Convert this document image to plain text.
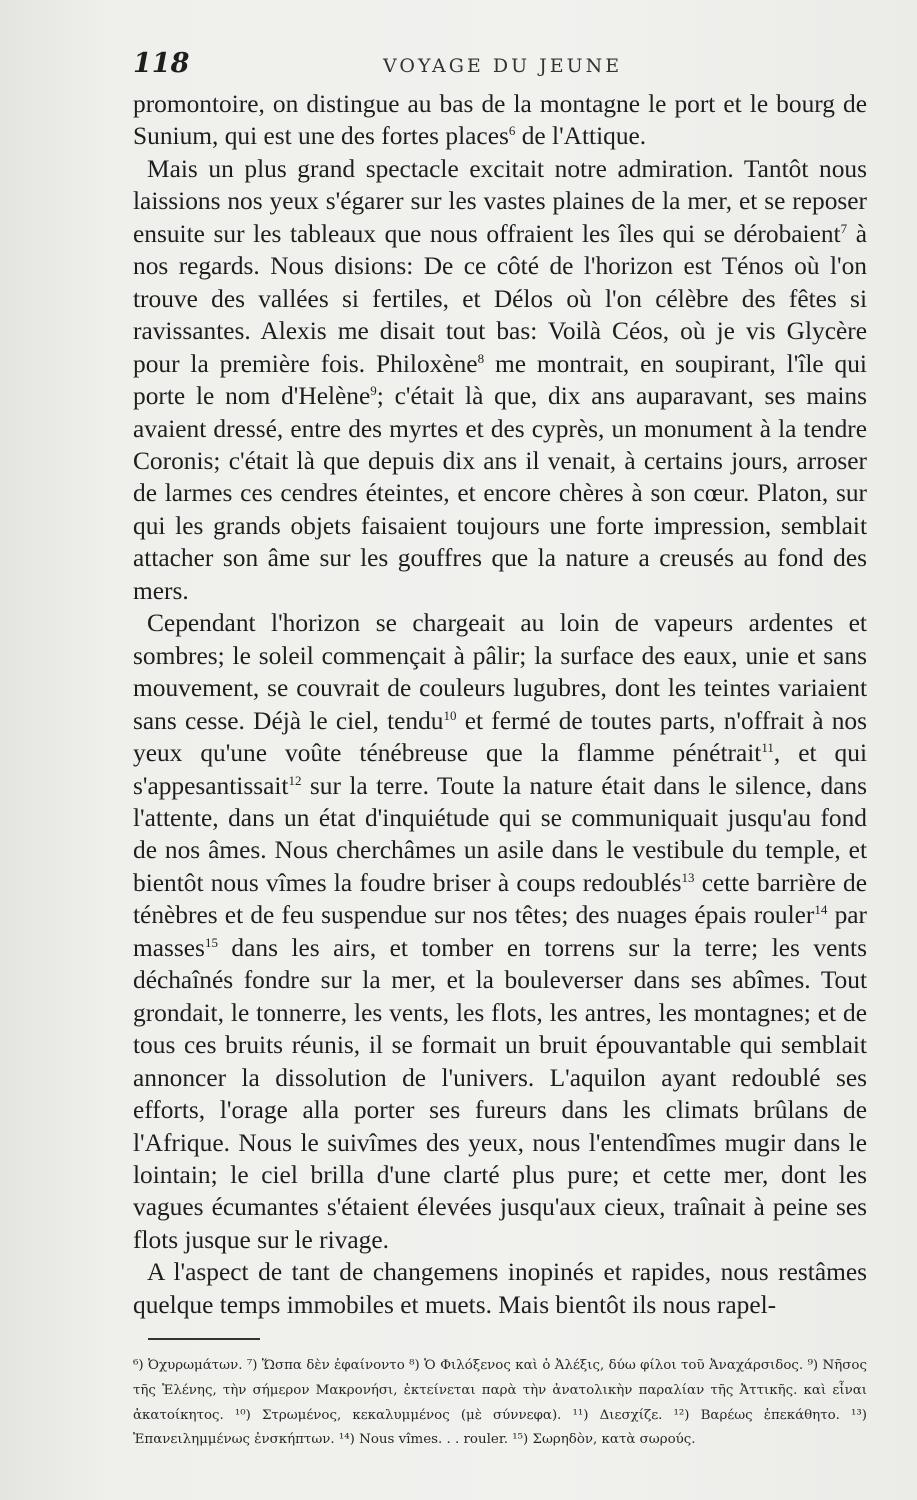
118	VOYAGE DU JEUNE

promontoire, on distingue au bas de la montagne le port et le bourg de Sunium, qui est une des fortes places$^6$ de l'Attique.

Mais un plus grand spectacle excitait notre admiration. Tantôt nous laissions nos yeux s'égarer sur les vastes plaines de la mer, et se reposer ensuite sur les tableaux que nous offraient les îles qui se dérobaient$^7$ à nos regards. Nous disions: De ce côté de l'horizon est Ténos où l'on trouve des vallées si fertiles, et Délos où l'on célèbre des fêtes si ravissantes. Alexis me disait tout bas: Voilà Céos, où je vis Glycère pour la première fois. Philoxène$^8$ me montrait, en soupirant, l'île qui porte le nom d'Helène$^9$; c'était là que, dix ans auparavant, ses mains avaient dressé, entre des myrtes et des cyprès, un monument à la tendre Coronis; c'était là que depuis dix ans il venait, à certains jours, arroser de larmes ces cendres éteintes, et encore chères à son cœur. Platon, sur qui les grands objets faisaient toujours une forte impression, semblait attacher son âme sur les gouffres que la nature a creusés au fond des mers.

Cependant l'horizon se chargeait au loin de vapeurs ardentes et sombres; le soleil commençait à pâlir; la surface des eaux, unie et sans mouvement, se couvrait de couleurs lugubres, dont les teintes variaient sans cesse. Déjà le ciel, tendu$^{10}$ et fermé de toutes parts, n'offrait à nos yeux qu'une voûte ténébreuse que la flamme pénétrait$^{11}$, et qui s'appesantissait$^{12}$ sur la terre. Toute la nature était dans le silence, dans l'attente, dans un état d'inquiétude qui se communiquait jusqu'au fond de nos âmes. Nous cherchâmes un asile dans le vestibule du temple, et bientôt nous vîmes la foudre briser à coups redoublés$^{13}$ cette barrière de ténèbres et de feu suspendue sur nos têtes; des nuages épais rouler$^{14}$ par masses$^{15}$ dans les airs, et tomber en torrens sur la terre; les vents déchaînés fondre sur la mer, et la bouleverser dans ses abîmes. Tout grondait, le tonnerre, les vents, les flots, les antres, les montagnes; et de tous ces bruits réunis, il se formait un bruit épouvantable qui semblait annoncer la dissolution de l'univers. L'aquilon ayant redoublé ses efforts, l'orage alla porter ses fureurs dans les climats brûlans de l'Afrique. Nous le suivîmes des yeux, nous l'entendîmes mugir dans le lointain; le ciel brilla d'une clarté plus pure; et cette mer, dont les vagues écumantes s'étaient élevées jusqu'aux cieux, traînait à peine ses flots jusque sur le rivage.

A l'aspect de tant de changemens inopinés et rapides, nous restâmes quelque temps immobiles et muets. Mais bientôt ils nous rapel-

⁶) Ὀχυρωμάτων. ⁷) Ὥσπα δὲν ἐφαίνοντο ⁸) Ὁ Φιλόξενος καὶ ὁ Ἀλέξις, δύω φίλοι τοῦ Ἀναχάρσιδος. ⁹) Νῆσος τῆς Ἑλένης, τὴν σήμερον Μακρονήσι, ἐκτείνεται παρὰ τὴν ἀνατολικὴν παραλίαν τῆς Ἀττικῆς. καὶ εἶναι ἀκατοίκητος. ¹⁰) Στρωμένος, κεκαλυμμένος (μὲ σύννεφα). ¹¹) Διεσχίζε. ¹²) Βαρέως ἐπεκάθητο. ¹³) Ἐπανειλημμένως ἐνσκήπτων. ¹⁴) Nous vîmes. . . rouler. ¹⁵) Σωρηδὸν, κατὰ σωρούς.
